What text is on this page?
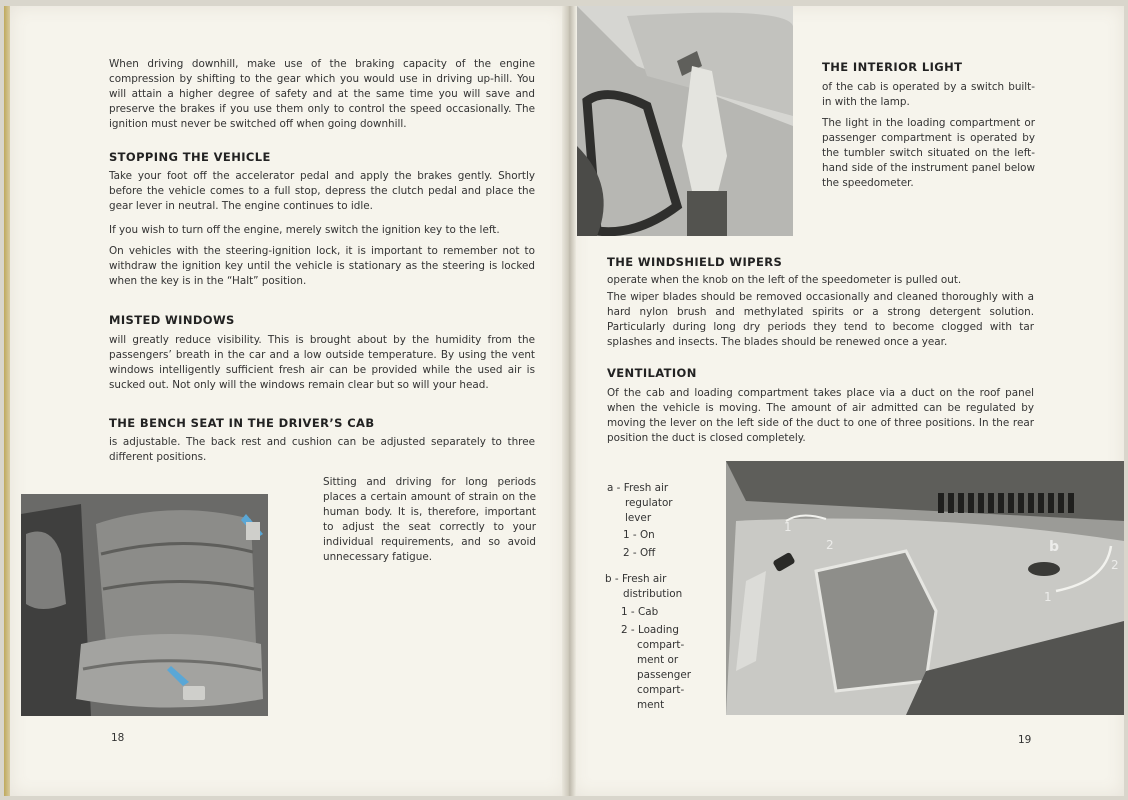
When driving downhill, make use of the braking capacity of the engine compression by shifting to the gear which you would use in driving up-hill. You will attain a higher degree of safety and at the same time you will save and preserve the brakes if you use them only to control the speed occasionally. The ignition must never be switched off when going downhill.

STOPPING THE VEHICLE

Take your foot off the accelerator pedal and apply the brakes gently. Shortly before the vehicle comes to a full stop, depress the clutch pedal and place the gear lever in neutral. The engine continues to idle.

If you wish to turn off the engine, merely switch the ignition key to the left.

On vehicles with the steering-ignition lock, it is important to remember not to withdraw the ignition key until the vehicle is stationary as the steering is locked when the key is in the “Halt” position.

MISTED WINDOWS

will greatly reduce visibility. This is brought about by the humidity from the passengers’ breath in the car and a low outside temperature. By using the vent windows intelligently sufficient fresh air can be provided while the used air is sucked out. Not only will the windows remain clear but so will your head.

THE BENCH SEAT IN THE DRIVER’S CAB

is adjustable. The back rest and cushion can be adjusted separately to three different positions.

Sitting and driving for long periods places a certain amount of strain on the human body. It is, therefore, important to adjust the seat correctly to your individual requirements, and so avoid unnecessary fatigue.

18
THE INTERIOR LIGHT

of the cab is operated by a switch built-in with the lamp.

The light in the loading compartment or passenger compartment is operated by the tumbler switch situated on the left-hand side of the instrument panel below the speedometer.

THE WINDSHIELD WIPERS

operate when the knob on the left of the speedometer is pulled out.

The wiper blades should be removed occasionally and cleaned thoroughly with a hard nylon brush and methylated spirits or a strong detergent solution. Particularly during long dry periods they tend to become clogged with tar splashes and insects. The blades should be renewed once a year.

VENTILATION

Of the cab and loading compartment takes place via a duct on the roof panel when the vehicle is moving. The amount of air admitted can be regulated by moving the lever on the left side of the duct to one of three positions. In the rear position the duct is closed completely.

a - Fresh air
regulator
lever
1 - On
2 - Off
b - Fresh air
distribution
1 - Cab
2 - Loading
compart-
ment or
passenger
compart-
ment
b
1
2
1
2
19
